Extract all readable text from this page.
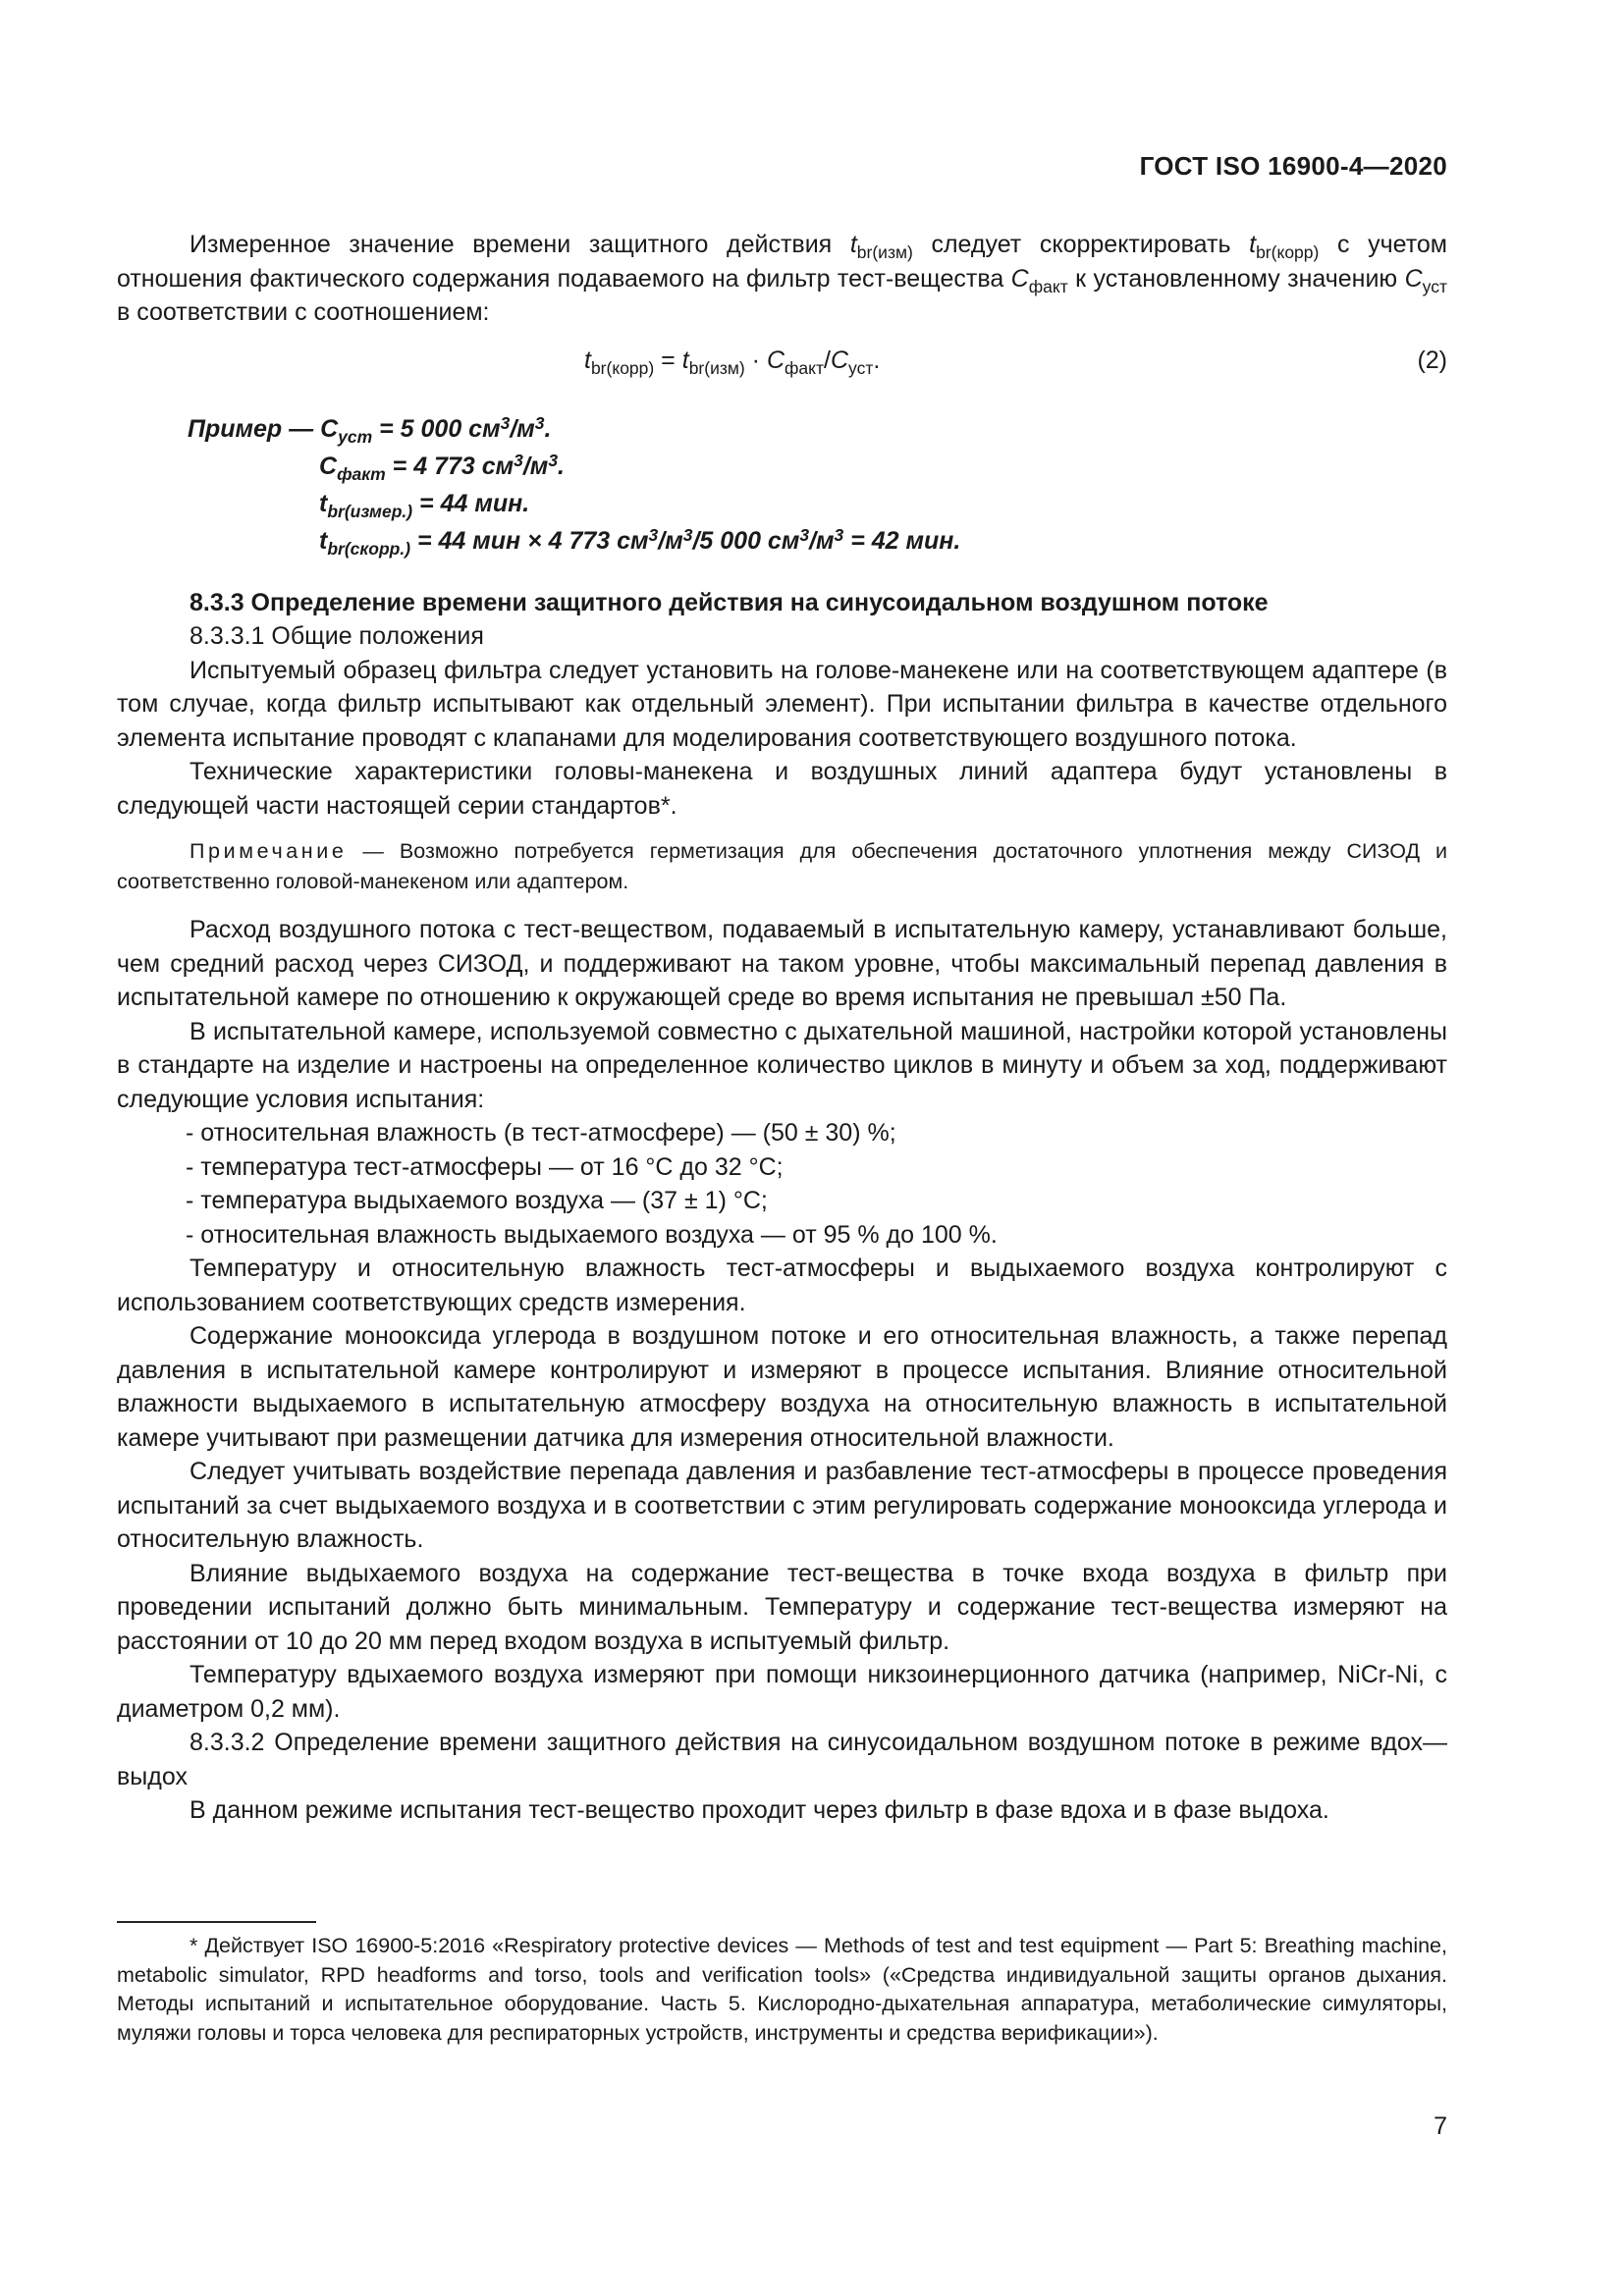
ГОСТ ISO 16900-4—2020

Измеренное значение времени защитного действия $t_{br(изм)}$ следует скорректировать $t_{br(корр)}$ с учетом отношения фактического содержания подаваемого на фильтр тест-вещества $C_{факт}$ к установленному значению $C_{уст}$ в соответствии с соотношением:

$t_{br(корр)} = t_{br(изм)} \cdot C_{факт}/C_{уст}$.	(2)
Пример — $C_{уст} = 5$ 000 $см^3/м^3$.
$C_{факт} = 4$ 773 $см^3/м^3$.
$t_{br(измер.)} = 44$ мин.
$t_{br(скорр.)} = 44$ мин × 4 773 $см^3/м^3/5$ 000 $см^3/м^3 = 42$ мин.

8.3.3 Определение времени защитного действия на синусоидальном воздушном потоке

8.3.3.1 Общие положения

Испытуемый образец фильтра следует установить на голове-манекене или на соответствующем адаптере (в том случае, когда фильтр испытывают как отдельный элемент). При испытании фильтра в качестве отдельного элемента испытание проводят с клапанами для моделирования соответствующего воздушного потока.

Технические характеристики головы-манекена и воздушных линий адаптера будут установлены в следующей части настоящей серии стандартов*.

Примечание — Возможно потребуется герметизация для обеспечения достаточного уплотнения между СИЗОД и соответственно головой-манекеном или адаптером.

Расход воздушного потока с тест-веществом, подаваемый в испытательную камеру, устанавливают больше, чем средний расход через СИЗОД, и поддерживают на таком уровне, чтобы максимальный перепад давления в испытательной камере по отношению к окружающей среде во время испытания не превышал ±50 Па.

В испытательной камере, используемой совместно с дыхательной машиной, настройки которой установлены в стандарте на изделие и настроены на определенное количество циклов в минуту и объем за ход, поддерживают следующие условия испытания:

- относительная влажность (в тест-атмосфере) — (50 ± 30) %;
- температура тест-атмосферы — от 16 °C до 32 °C;
- температура выдыхаемого воздуха — (37 ± 1) °C;
- относительная влажность выдыхаемого воздуха — от 95 % до 100 %.

Температуру и относительную влажность тест-атмосферы и выдыхаемого воздуха контролируют с использованием соответствующих средств измерения.

Содержание монооксида углерода в воздушном потоке и его относительная влажность, а также перепад давления в испытательной камере контролируют и измеряют в процессе испытания. Влияние относительной влажности выдыхаемого в испытательную атмосферу воздуха на относительную влажность в испытательной камере учитывают при размещении датчика для измерения относительной влажности.

Следует учитывать воздействие перепада давления и разбавление тест-атмосферы в процессе проведения испытаний за счет выдыхаемого воздуха и в соответствии с этим регулировать содержание монооксида углерода и относительную влажность.

Влияние выдыхаемого воздуха на содержание тест-вещества в точке входа воздуха в фильтр при проведении испытаний должно быть минимальным. Температуру и содержание тест-вещества измеряют на расстоянии от 10 до 20 мм перед входом воздуха в испытуемый фильтр.

Температуру вдыхаемого воздуха измеряют при помощи никзоинерционного датчика (например, NiCr-Ni, с диаметром 0,2 мм).

8.3.3.2 Определение времени защитного действия на синусоидальном воздушном потоке в режиме вдох—выдох

В данном режиме испытания тест-вещество проходит через фильтр в фазе вдоха и в фазе выдоха.

* Действует ISO 16900-5:2016 «Respiratory protective devices — Methods of test and test equipment — Part 5: Breathing machine, metabolic simulator, RPD headforms and torso, tools and verification tools» («Средства индивидуальной защиты органов дыхания. Методы испытаний и испытательное оборудование. Часть 5. Кислородно-дыхательная аппаратура, метаболические симуляторы, муляжи головы и торса человека для респираторных устройств, инструменты и средства верификации»).
7
